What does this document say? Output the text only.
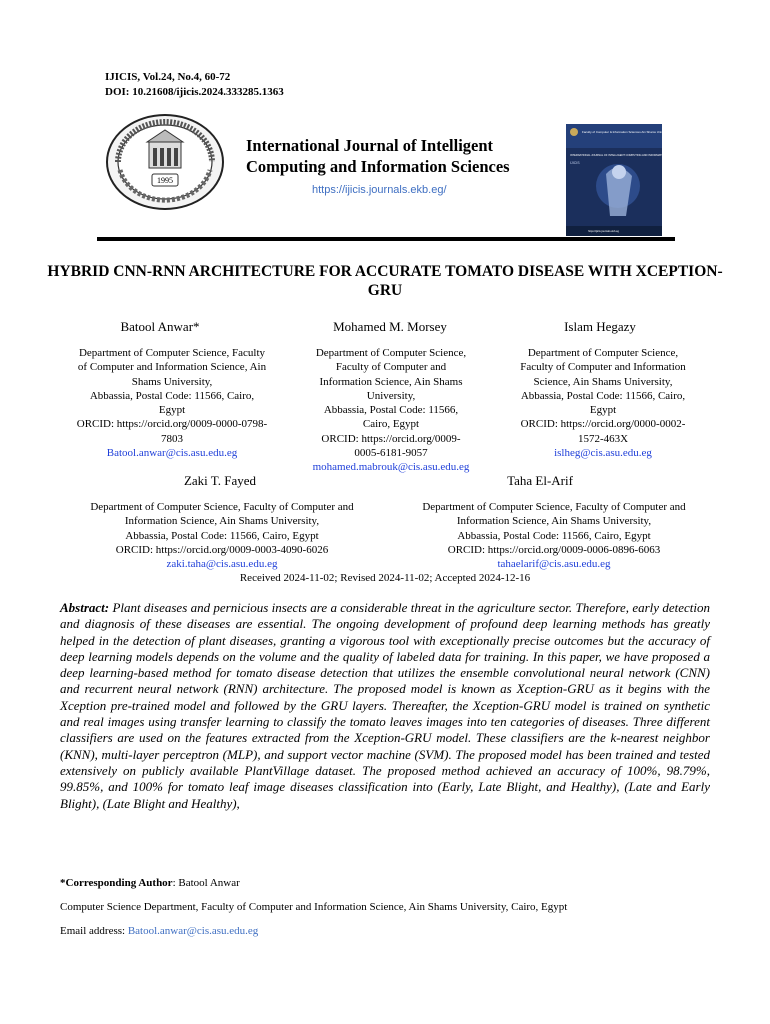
IJICIS, Vol.24, No.4, 60-72
DOI: 10.21608/ijicis.2024.333285.1363
1995
International Journal of Intelligent Computing and Information Sciences
https://ijicis.journals.ekb.eg/
Faculty of Computer & Information Sciences Ain Shams University, Cairo, Egypt
INTERNATIONAL JOURNAL OF INTELLIGENT COMPUTING AND INFORMATION SCIENCES
IJICIS
https://ijicis.journals.ekb.eg
HYBRID CNN-RNN ARCHITECTURE FOR ACCURATE TOMATO DISEASE WITH XCEPTION-GRU
Batool Anwar*	Mohamed M. Morsey	Islam Hegazy
Department of Computer Science, Faculty
of Computer and Information Science, Ain
Shams University,
Abbassia, Postal Code: 11566, Cairo,
Egypt
ORCID: https://orcid.org/0009-0000-0798-
7803
Batool.anwar@cis.asu.edu.eg
Department of Computer Science,
Faculty of Computer and
Information Science, Ain Shams
University,
Abbassia, Postal Code: 11566,
Cairo, Egypt
ORCID: https://orcid.org/0009-
0005-6181-9057
mohamed.mabrouk@cis.asu.edu.eg
Department of Computer Science,
Faculty of Computer and Information
Science, Ain Shams University,
Abbassia, Postal Code: 11566, Cairo,
Egypt
ORCID: https://orcid.org/0000-0002-
1572-463X
islheg@cis.asu.edu.eg
Zaki T. Fayed	Taha El-Arif
Department of Computer Science, Faculty of Computer and
Information Science, Ain Shams University,
Abbassia, Postal Code: 11566, Cairo, Egypt
ORCID: https://orcid.org/0009-0003-4090-6026
zaki.taha@cis.asu.edu.eg
Department of Computer Science, Faculty of Computer and
Information Science, Ain Shams University,
Abbassia, Postal Code: 11566, Cairo, Egypt
ORCID: https://orcid.org/0009-0006-0896-6063
tahaelarif@cis.asu.edu.eg
Received 2024-11-02; Revised 2024-11-02; Accepted 2024-12-16
Abstract: Plant diseases and pernicious insects are a considerable threat in the agriculture sector. Therefore, early detection and diagnosis of these diseases are essential. The ongoing development of profound deep learning methods has greatly helped in the detection of plant diseases, granting a vigorous tool with exceptionally precise outcomes but the accuracy of deep learning models depends on the volume and the quality of labeled data for training. In this paper, we have proposed a deep learning-based method for tomato disease detection that utilizes the ensemble convolutional neural network (CNN) and recurrent neural network (RNN) architecture. The proposed model is known as Xception-GRU as it begins with the Xception pre-trained model and followed by the GRU layers. Thereafter, the Xception-GRU model is trained on synthetic and real images using transfer learning to classify the tomato leaves images into ten categories of diseases. Three different classifiers are used on the features extracted from the Xception-GRU model. These classifiers are the k-nearest neighbor (KNN), multi-layer perceptron (MLP), and support vector machine (SVM). The proposed model has been trained and tested extensively on publicly available PlantVillage dataset. The proposed method achieved an accuracy of 100%, 98.79%, 99.85%, and 100% for tomato leaf image diseases classification into (Early, Late Blight, and Healthy), (Late and Early Blight), (Late Blight and Healthy),
*Corresponding Author: Batool Anwar
Computer Science Department, Faculty of Computer and Information Science, Ain Shams University, Cairo, Egypt
Email address: Batool.anwar@cis.asu.edu.eg
